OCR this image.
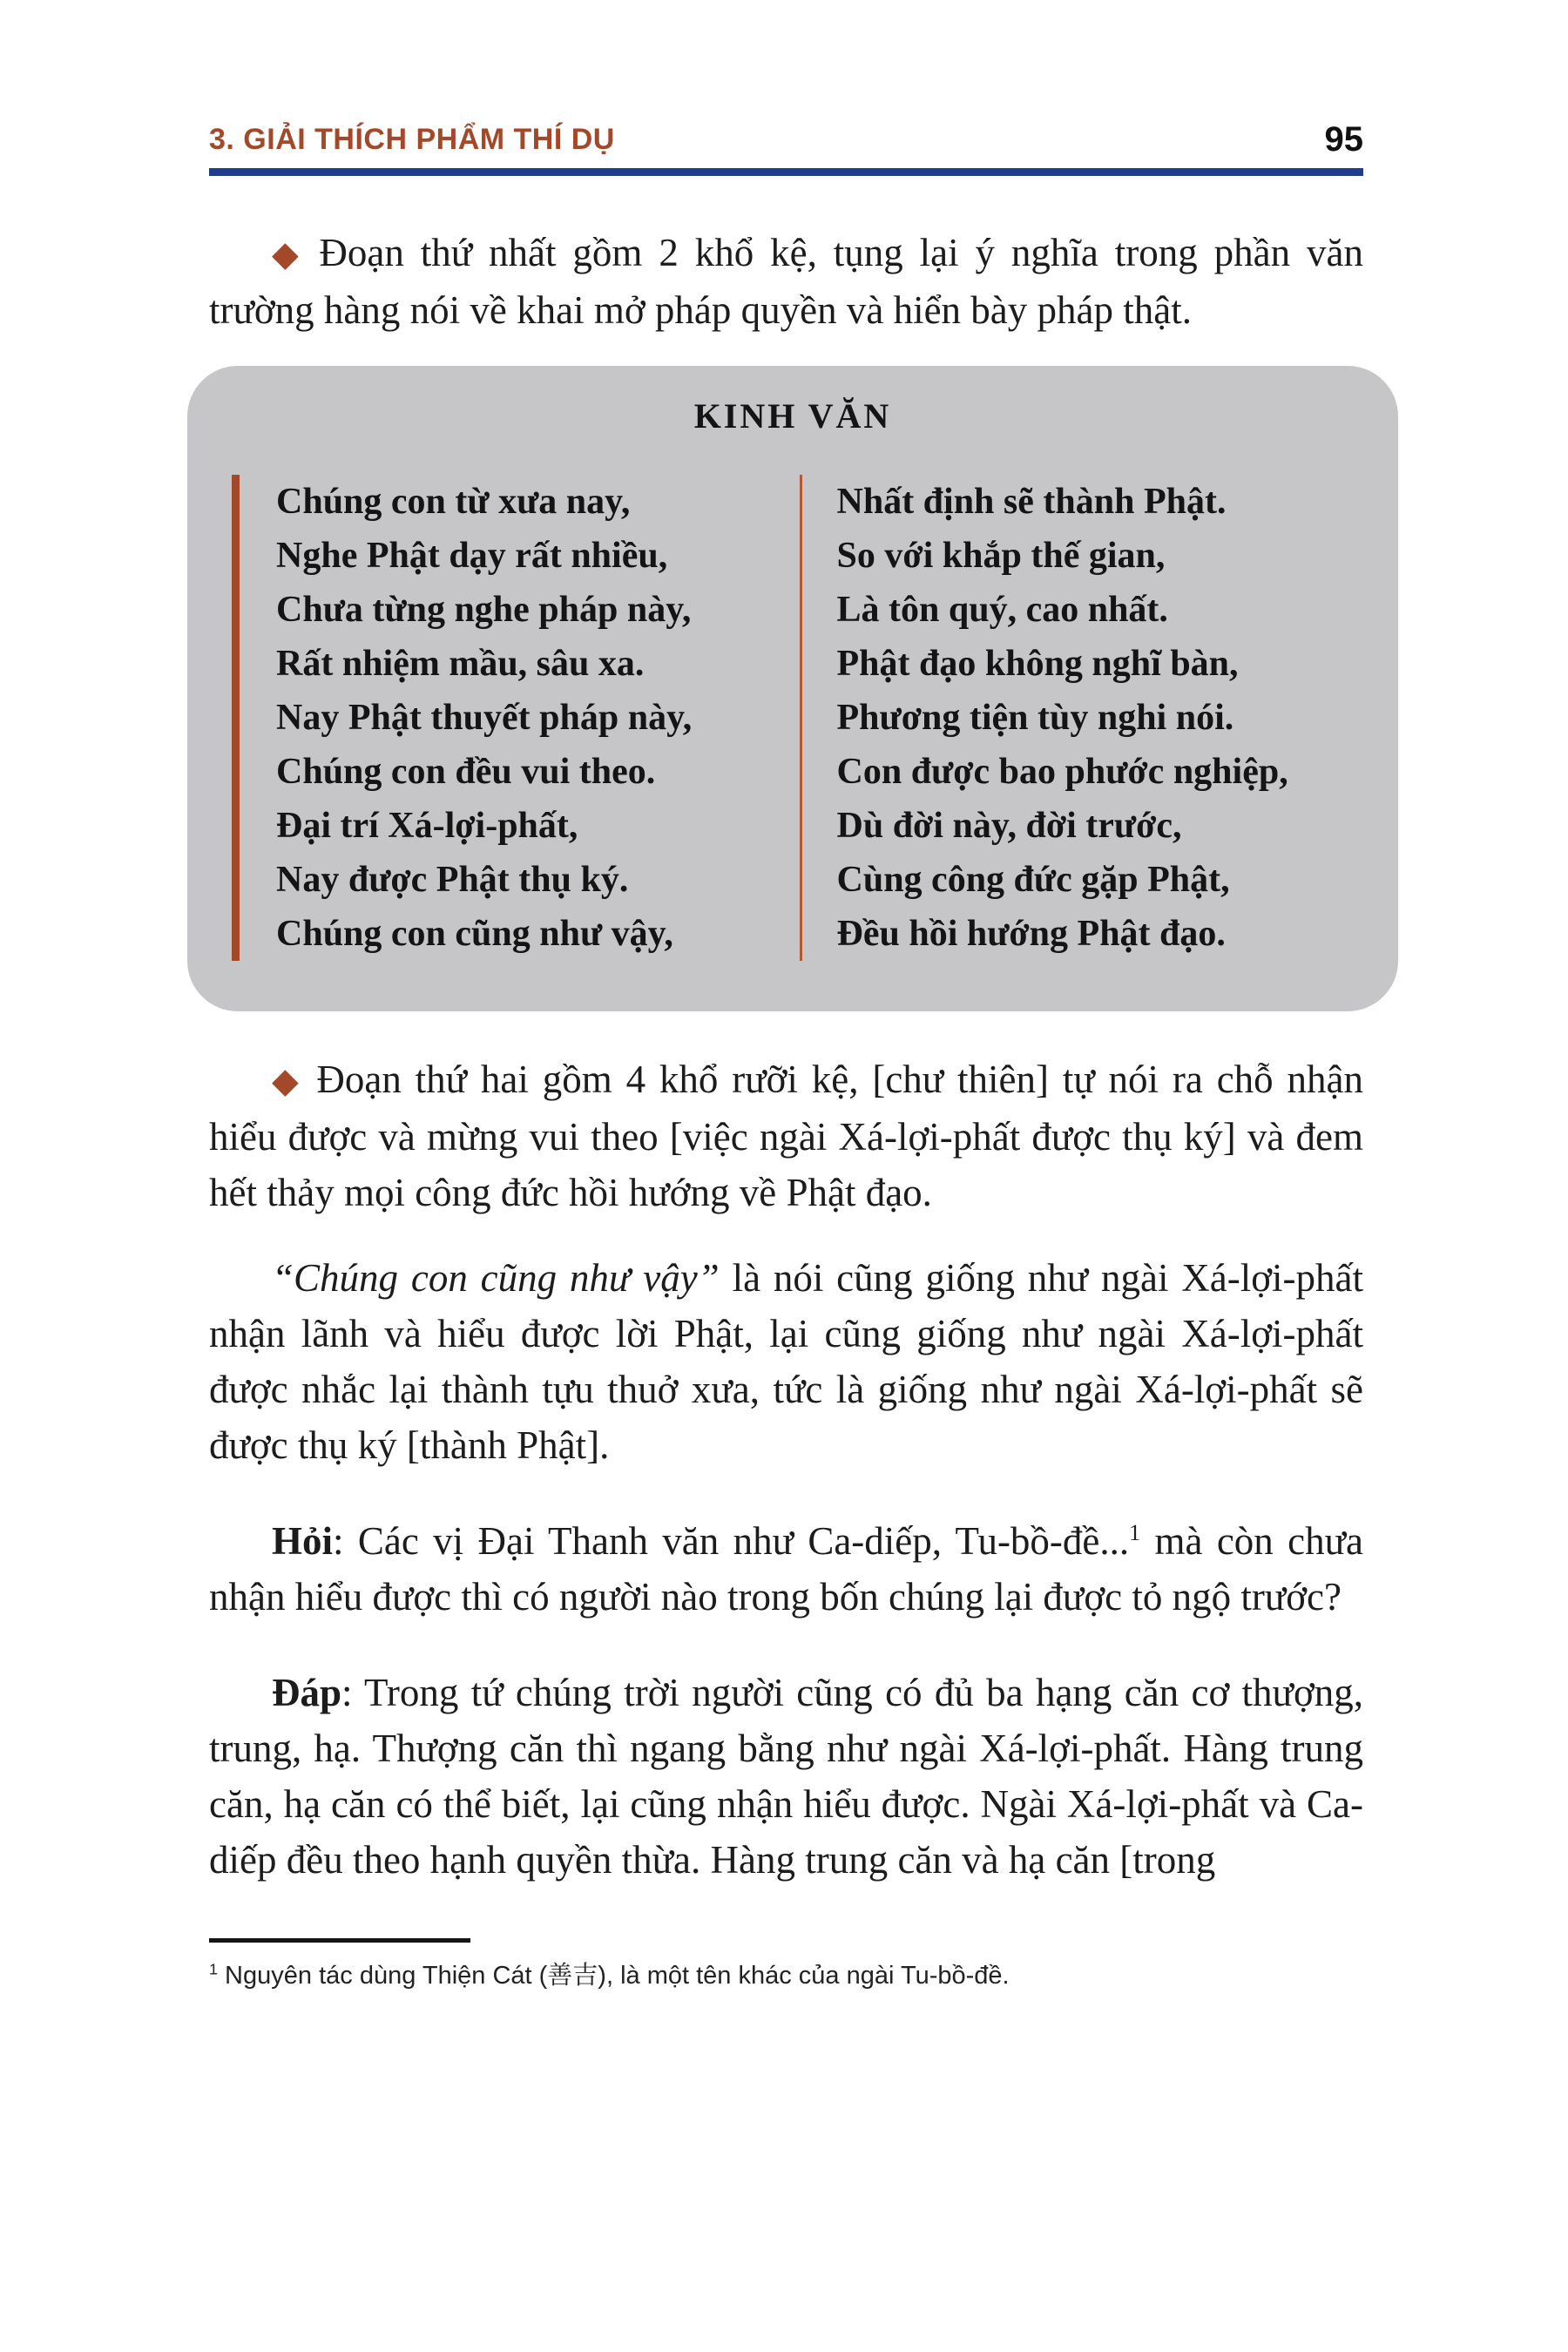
3. GIẢI THÍCH PHẨM THÍ DỤ	95

◆ Đoạn thứ nhất gồm 2 khổ kệ, tụng lại ý nghĩa trong phần văn trường hàng nói về khai mở pháp quyền và hiển bày pháp thật.

KINH VĂN
Chúng con từ xưa nay,
Nghe Phật dạy rất nhiều,
Chưa từng nghe pháp này,
Rất nhiệm mầu, sâu xa.
Nay Phật thuyết pháp này,
Chúng con đều vui theo.
Đại trí Xá-lợi-phất,
Nay được Phật thụ ký.
Chúng con cũng như vậy,
Nhất định sẽ thành Phật.
So với khắp thế gian,
Là tôn quý, cao nhất.
Phật đạo không nghĩ bàn,
Phương tiện tùy nghi nói.
Con được bao phước nghiệp,
Dù đời này, đời trước,
Cùng công đức gặp Phật,
Đều hồi hướng Phật đạo.

◆ Đoạn thứ hai gồm 4 khổ rưỡi kệ, [chư thiên] tự nói ra chỗ nhận hiểu được và mừng vui theo [việc ngài Xá-lợi-phất được thụ ký] và đem hết thảy mọi công đức hồi hướng về Phật đạo.

“Chúng con cũng như vậy” là nói cũng giống như ngài Xá-lợi-phất nhận lãnh và hiểu được lời Phật, lại cũng giống như ngài Xá-lợi-phất được nhắc lại thành tựu thuở xưa, tức là giống như ngài Xá-lợi-phất sẽ được thụ ký [thành Phật].

Hỏi: Các vị Đại Thanh văn như Ca-diếp, Tu-bồ-đề...$^1$ mà còn chưa nhận hiểu được thì có người nào trong bốn chúng lại được tỏ ngộ trước?

Đáp: Trong tứ chúng trời người cũng có đủ ba hạng căn cơ thượng, trung, hạ. Thượng căn thì ngang bằng như ngài Xá-lợi-phất. Hàng trung căn, hạ căn có thể biết, lại cũng nhận hiểu được. Ngài Xá-lợi-phất và Ca-diếp đều theo hạnh quyền thừa. Hàng trung căn và hạ căn [trong

$^1$ Nguyên tác dùng Thiện Cát (善吉), là một tên khác của ngài Tu-bồ-đề.
